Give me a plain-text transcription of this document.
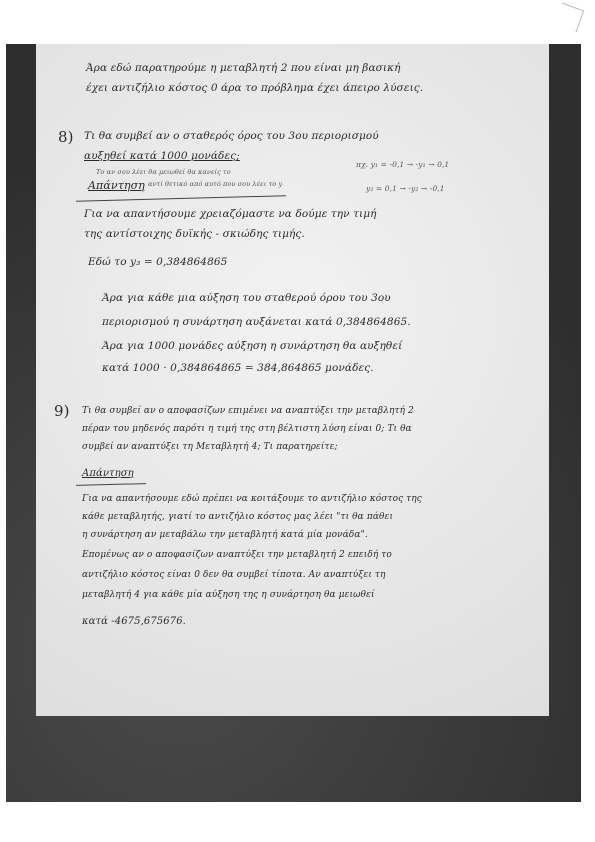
Άρα εδώ παρατηρούμε η μεταβλητή 2 που είναι μη βασική
έχει αντιζήλιο κόστος 0 άρα το πρόβλημα έχει άπειρο λύσεις.
8) Τι θα συμβεί αν ο σταθερός όρος του 3ου περιορισμού
αυξηθεί κατά 1000 μονάδες;
Το αν σου λέει θα μειωθεί θα κανείς το
πχ. y₁ = -0,1 → -y₁ → 0,1
Απάντηση αντί θετικό από αυτό που σου λέει το y	y₂ = 0,1 → -y₂ → -0,1
Για να απαντήσουμε χρειαζόμαστε να δούμε την τιμή
της αντίστοιχης δυϊκής - σκιώδης τιμής.
Εδώ το y₃ = 0,384864865
Άρα για κάθε μια αύξηση του σταθερού όρου του 3ου
περιορισμού η συνάρτηση αυξάνεται κατά 0,384864865.
Άρα για 1000 μονάδες αύξηση η συνάρτηση θα αυξηθεί
κατά 1000 · 0,384864865 = 384,864865 μονάδες.
9) Τι θα συμβεί αν ο αποφασίζων επιμένει να αναπτύξει την μεταβλητή 2
πέραν του μηδενός παρότι η τιμή της στη βέλτιστη λύση είναι 0; Τι θα
συμβεί αν αναπτύξει τη Μεταβλητή 4; Τι παρατηρείτε;
Απάντηση
Για να απαντήσουμε εδώ πρέπει να κοιτάξουμε το αντιζήλιο κόστος της
κάθε μεταβλητής, γιατί το αντιζήλιο κόστος μας λέει "τι θα πάθει
η συνάρτηση αν μεταβάλω την μεταβλητή κατά μία μονάδα".
Επομένως αν ο αποφασίζων αναπτύξει την μεταβλητή 2 επειδή το
αντιζήλιο κόστος είναι 0 δεν θα συμβεί τίποτα. Αν αναπτύξει τη
μεταβλητή 4 για κάθε μία αύξηση της η συνάρτηση θα μειωθεί
κατά -4675,675676.
